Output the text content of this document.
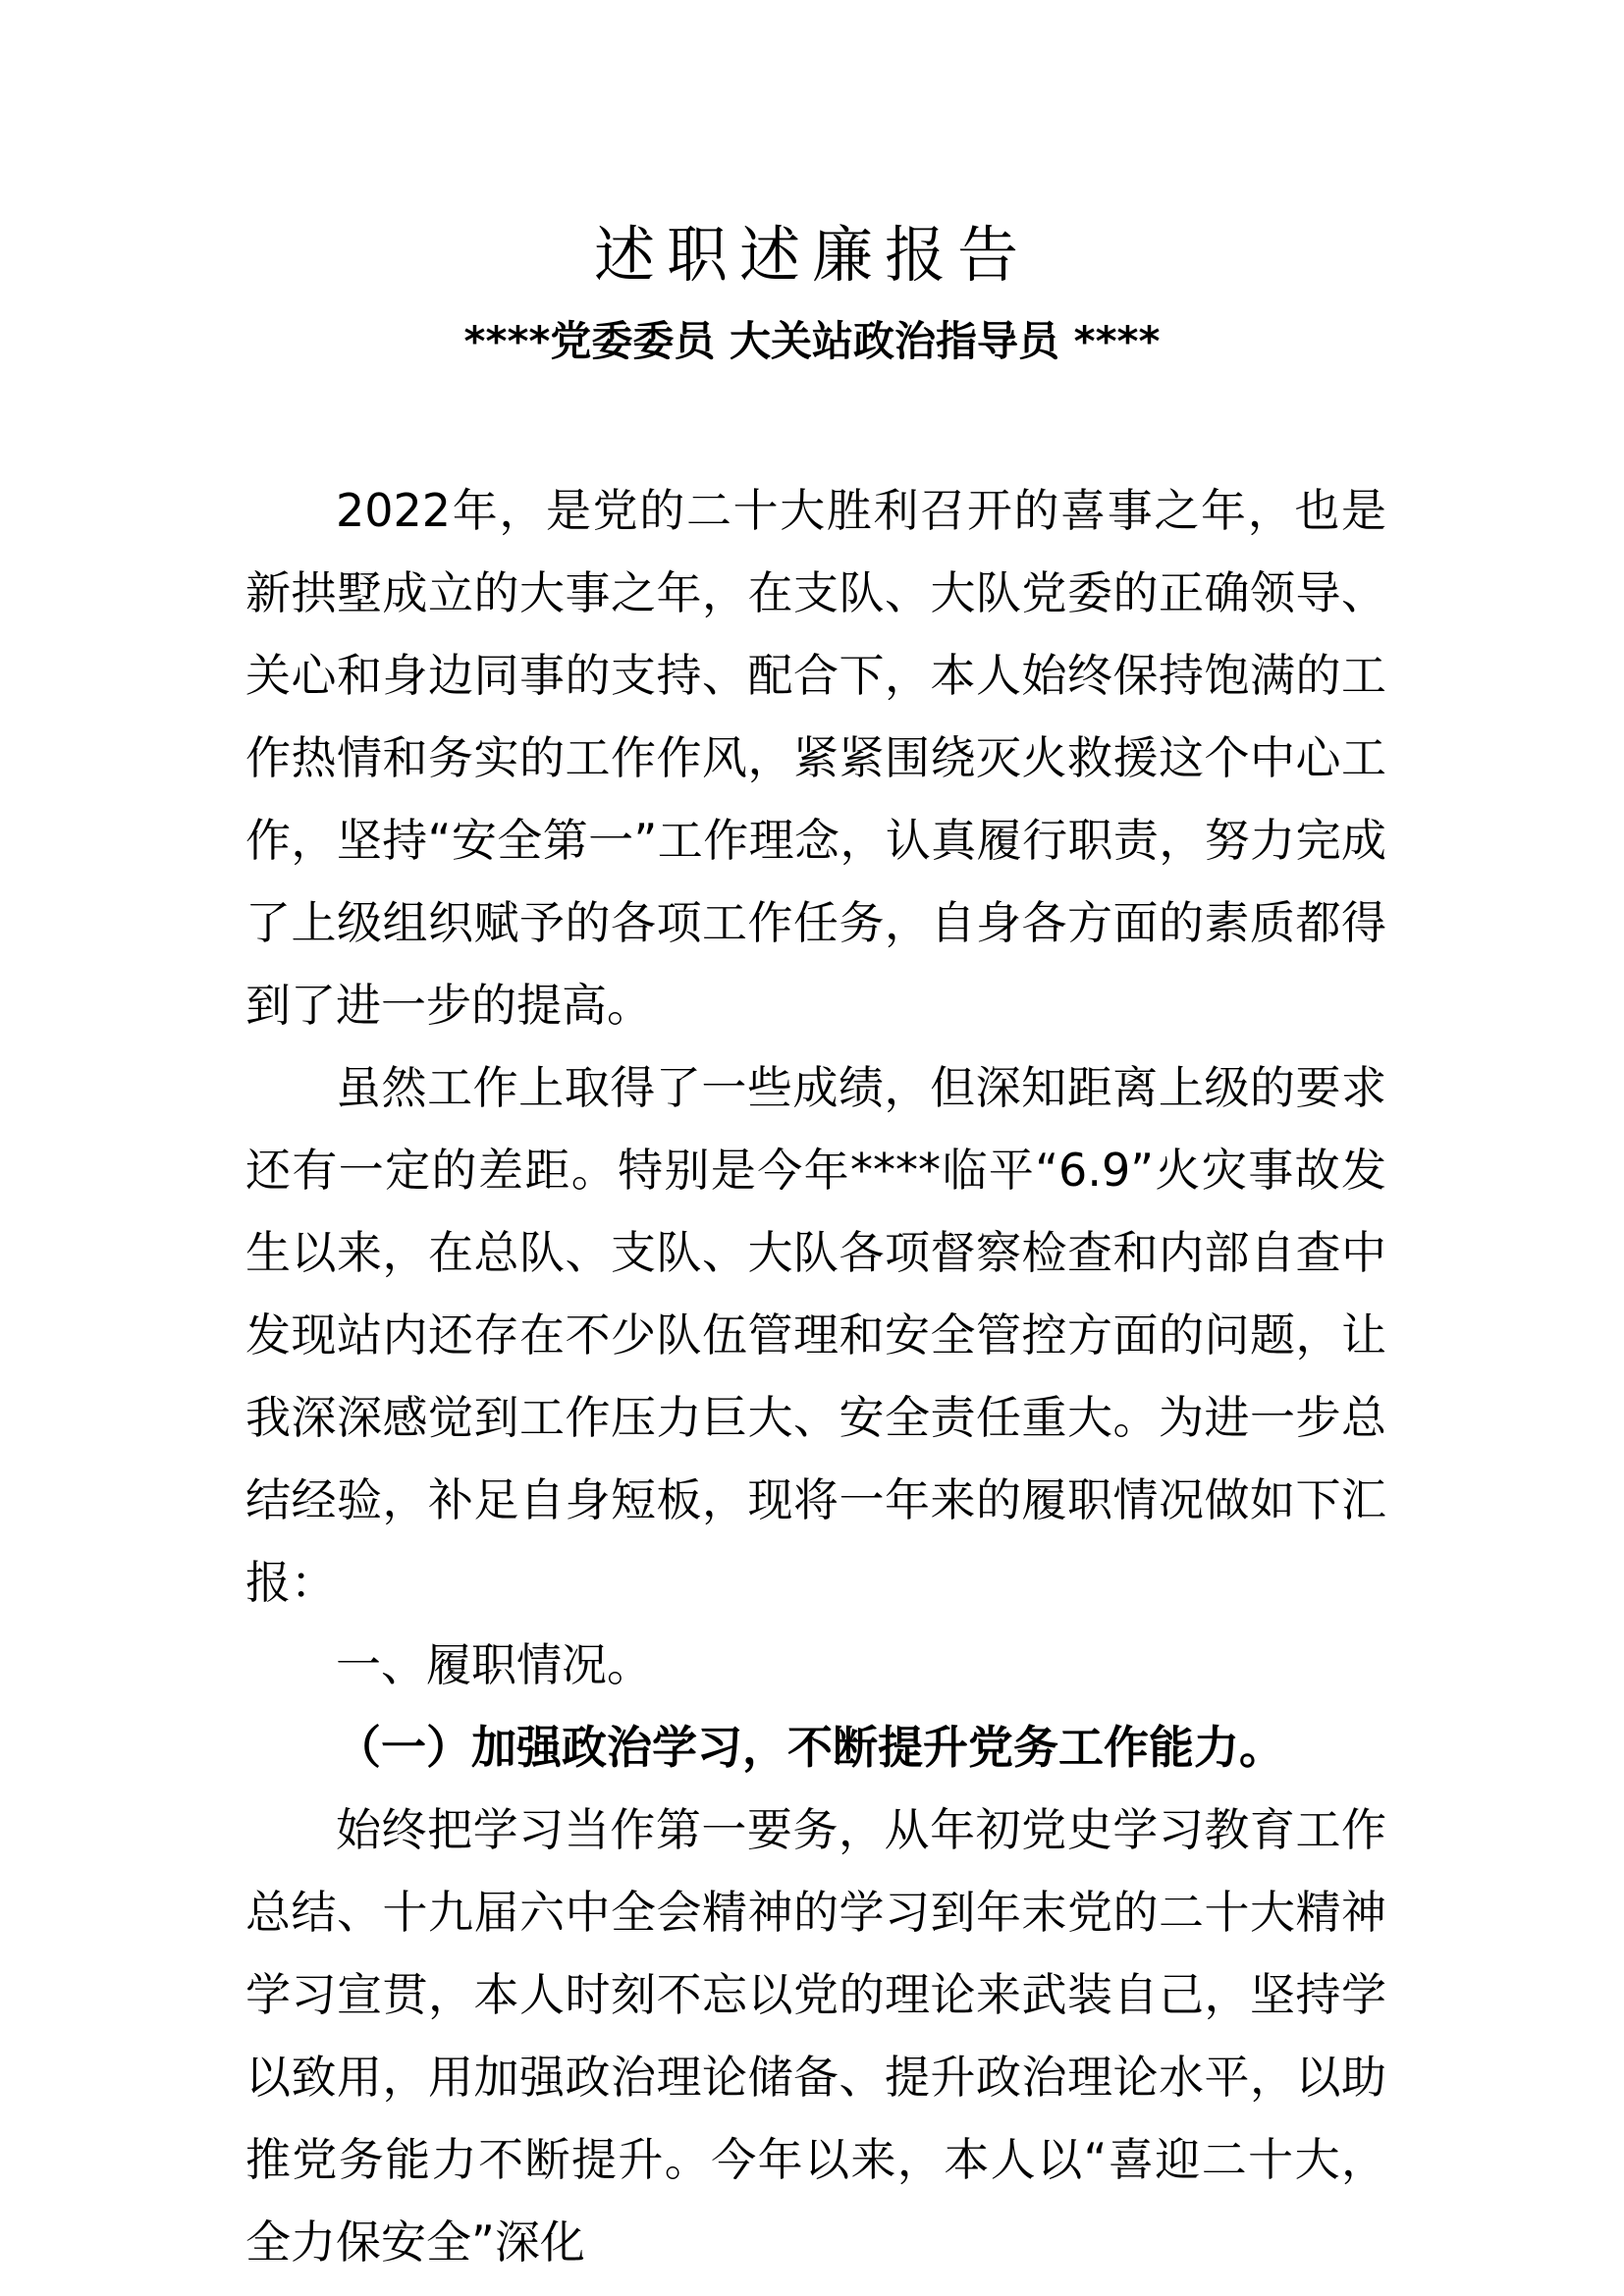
述职述廉报告
****党委委员 大关站政治指导员 ****

2022年，是党的二十大胜利召开的喜事之年，也是新拱墅成立的大事之年，在支队、大队党委的正确领导、关心和身边同事的支持、配合下，本人始终保持饱满的工作热情和务实的工作作风，紧紧围绕灭火救援这个中心工作，坚持“安全第一”工作理念，认真履行职责，努力完成了上级组织赋予的各项工作任务，自身各方面的素质都得到了进一步的提高。

虽然工作上取得了一些成绩，但深知距离上级的要求还有一定的差距。特别是今年****临平“6.9”火灾事故发生以来，在总队、支队、大队各项督察检查和内部自查中发现站内还存在不少队伍管理和安全管控方面的问题，让我深深感觉到工作压力巨大、安全责任重大。为进一步总结经验，补足自身短板，现将一年来的履职情况做如下汇报：

一、履职情况。

（一）加强政治学习，不断提升党务工作能力。

始终把学习当作第一要务，从年初党史学习教育工作总结、十九届六中全会精神的学习到年末党的二十大精神学习宣贯，本人时刻不忘以党的理论来武装自己，坚持学以致用，用加强政治理论储备、提升政治理论水平，以助推党务能力不断提升。今年以来，本人以“喜迎二十大，全力保安全”深化
